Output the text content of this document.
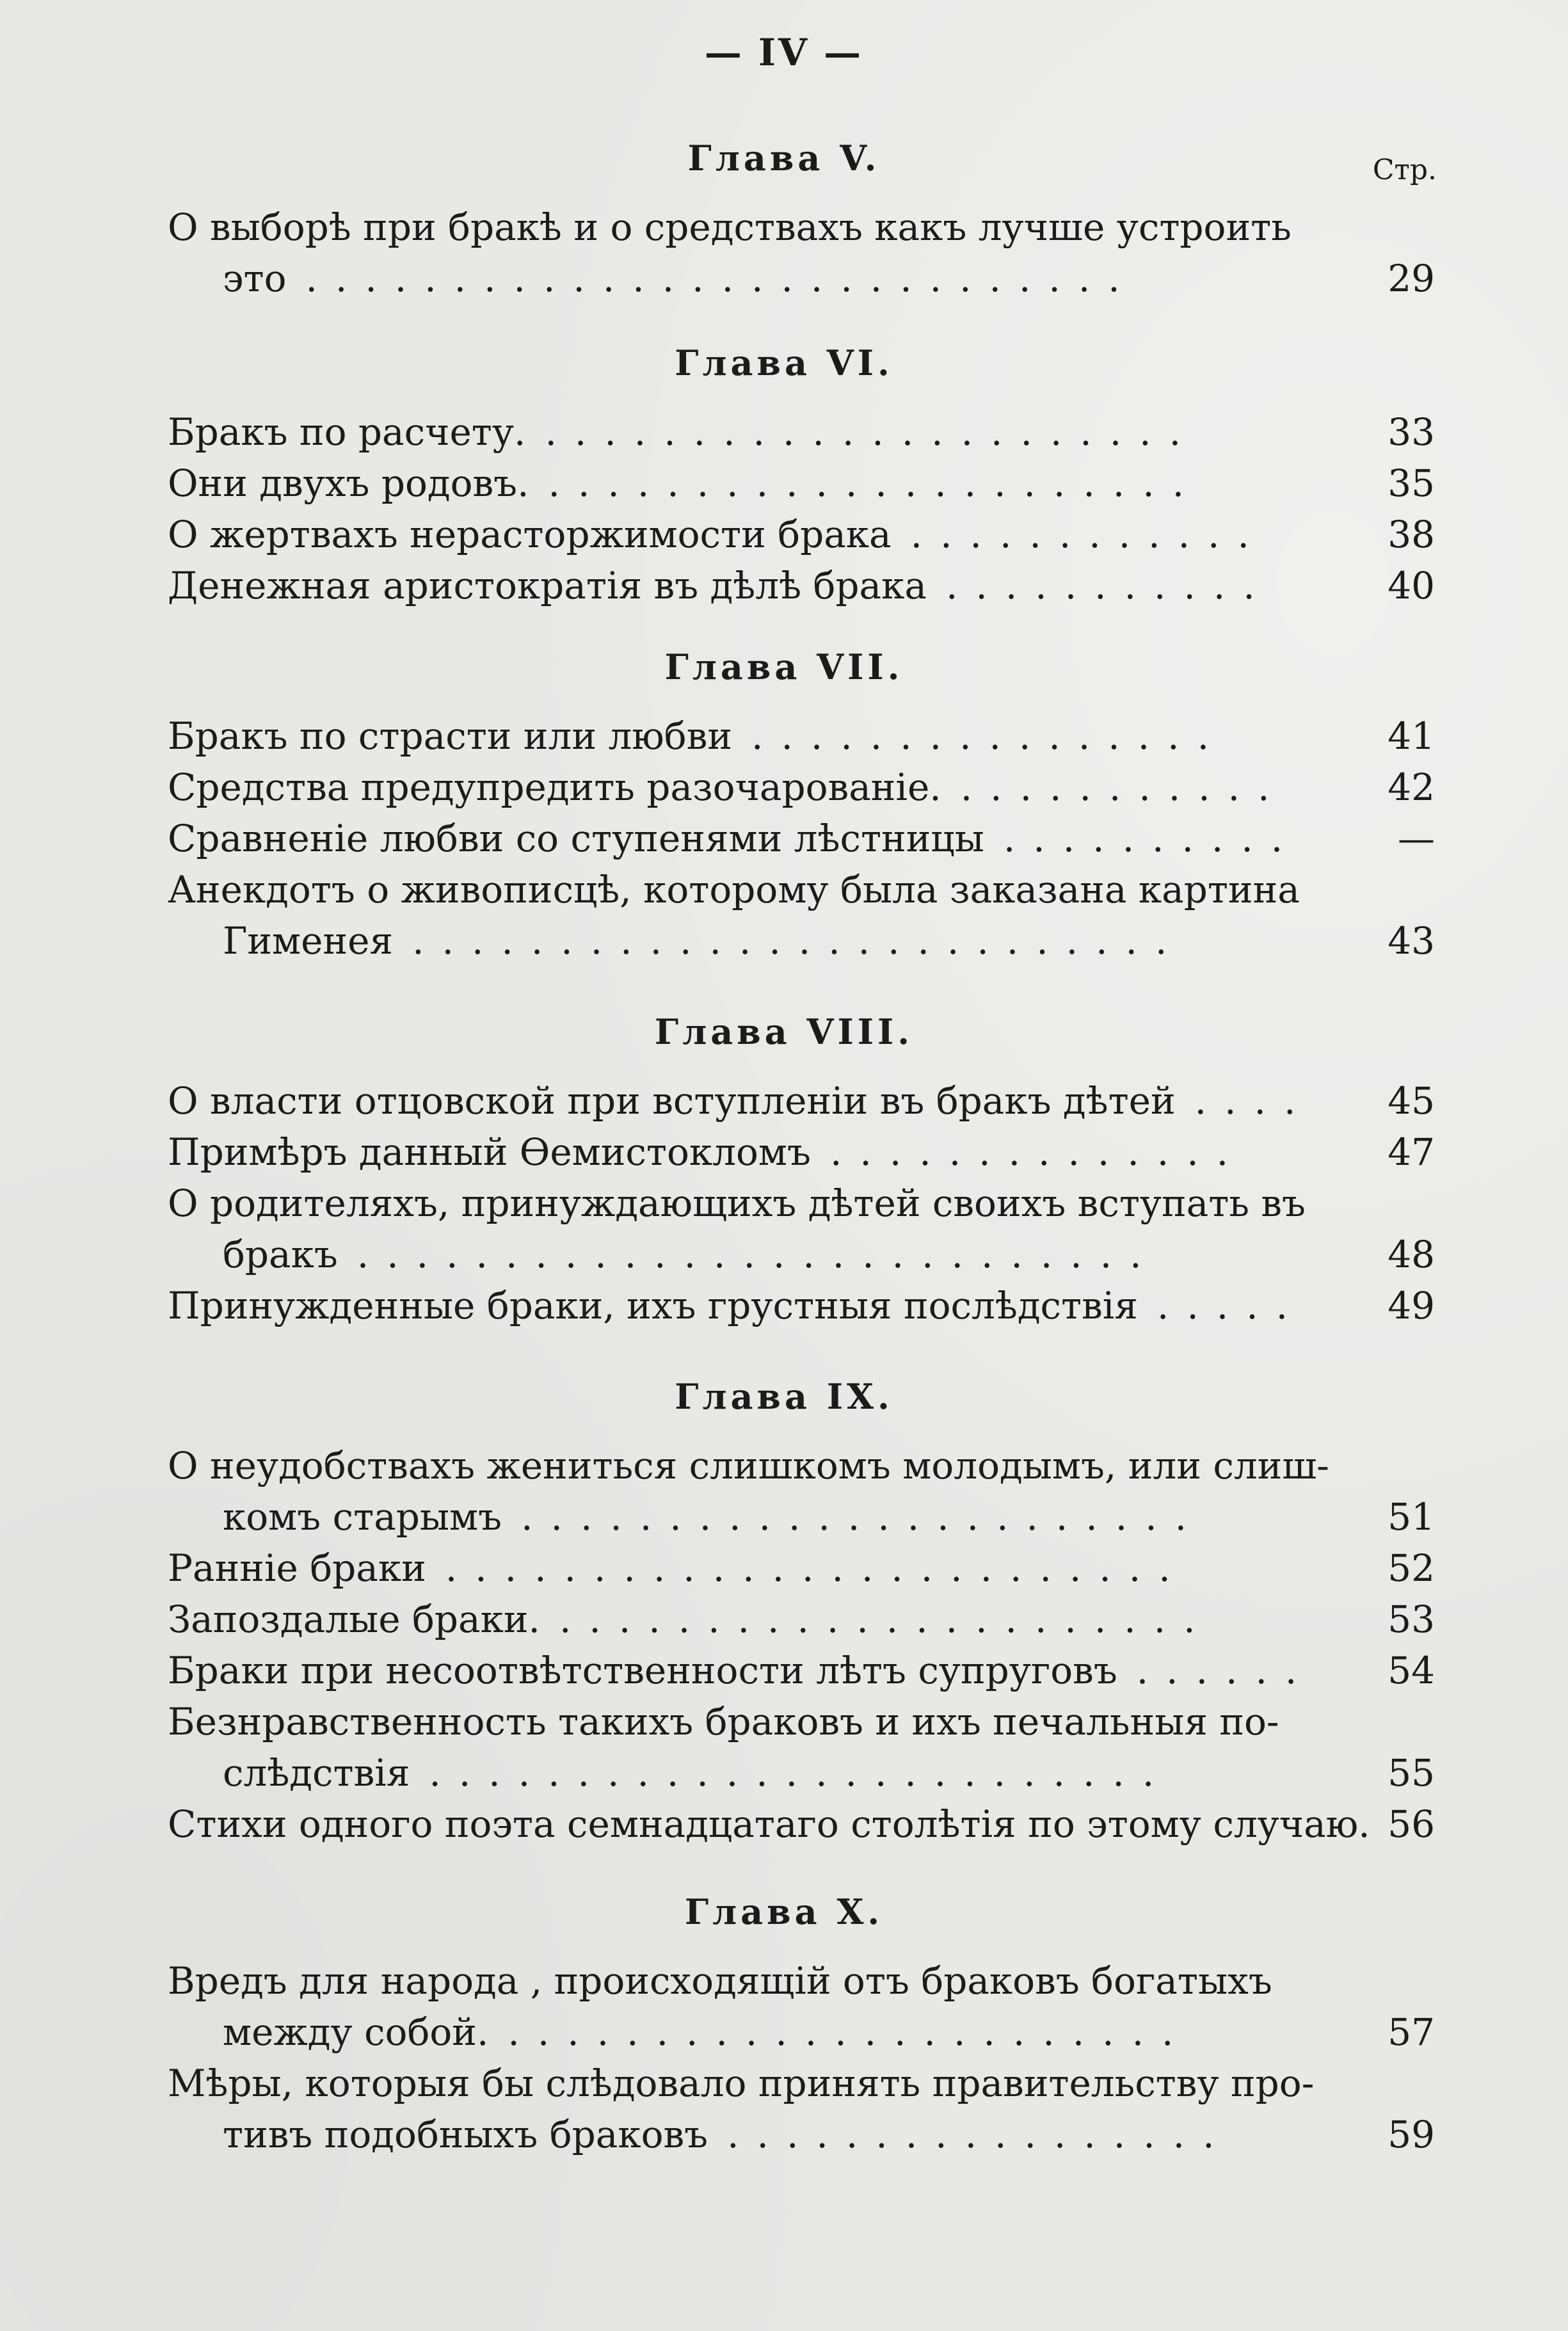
— IV —
Стр.
Глава V.
О выборѣ при бракѣ и о средствахъ какъ лучше устроить
это	29
............................
Глава VI.
Бракъ по расчету.	33
......................
Они двухъ родовъ.	35
......................
О жертвахъ нерасторжимости брака	38
............
Денежная аристократія въ дѣлѣ брака	40
...........
Глава VII.
Бракъ по страсти или любви	41
................
Средства предупредить разочарованіе.	42
...........
Сравненіе любви со ступенями лѣстницы	—
..........
Анекдотъ о живописцѣ, которому была заказана картина
Гименея	43
..........................
Глава VIII.
О власти отцовской при вступленіи въ бракъ дѣтей	45
....
Примѣръ данный Ѳемистокломъ	47
..............
О родителяхъ, принуждающихъ дѣтей своихъ вступать въ
бракъ	48
...........................
Принужденные браки, ихъ грустныя послѣдствія	49
.....
Глава IX.
О неудобствахъ жениться слишкомъ молодымъ, или слиш-
комъ старымъ	51
.......................
Ранніе браки	52
.........................
Запоздалые браки.	53
......................
Браки при несоотвѣтственности лѣтъ супруговъ	54
......
Безнравственность такихъ браковъ и ихъ печальныя по-
слѣдствія	55
.........................
Стихи одного поэта семнадцатаго столѣтія по этому случаю. 56
Глава X.
Вредъ для народа , происходящій отъ браковъ богатыхъ
между собой.	57
.......................
Мѣры, которыя бы слѣдовало принять правительству про-
тивъ подобныхъ браковъ	59
.................
